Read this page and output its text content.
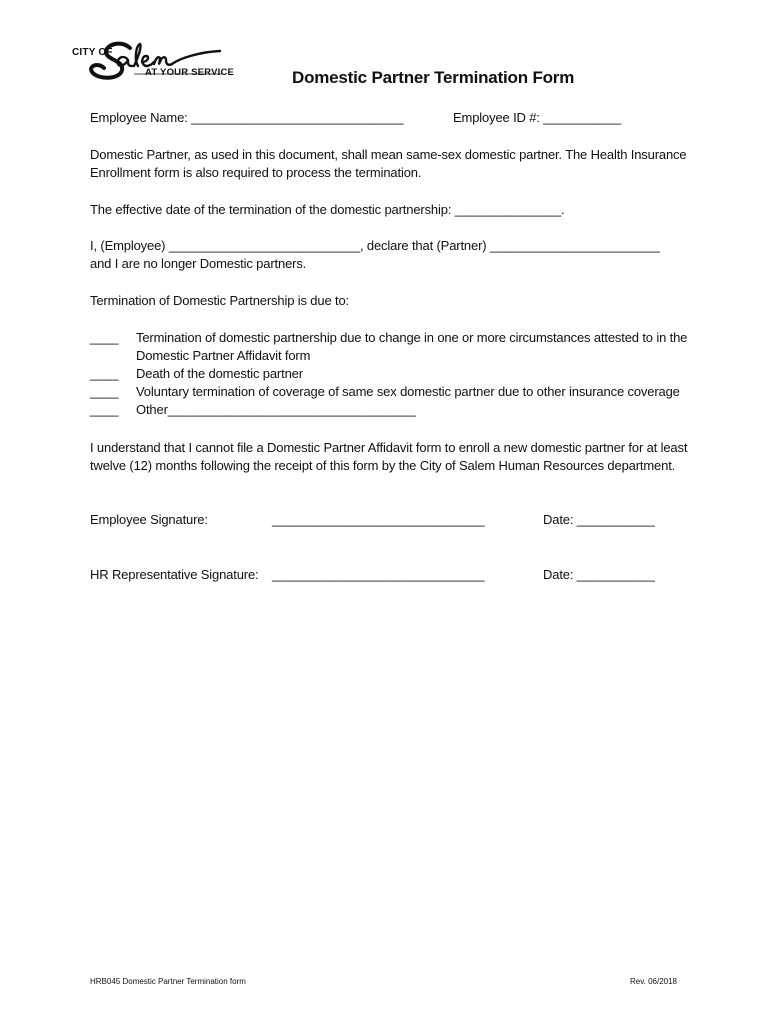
CITY OF
AT YOUR SERVICE	Domestic Partner Termination Form
Employee Name: ______________________________	Employee ID #: ___________
Domestic Partner, as used in this document, shall mean same-sex domestic partner. The Health Insurance
Enrollment form is also required to process the termination.
The effective date of the termination of the domestic partnership: _______________.
I, (Employee) ___________________________, declare that (Partner) ________________________
and I are no longer Domestic partners.
Termination of Domestic Partnership is due to:
____ Termination of domestic partnership due to change in one or more circumstances attested to in the
Domestic Partner Affidavit form
____ Death of the domestic partner
____ Voluntary termination of coverage of same sex domestic partner due to other insurance coverage
____ Other___________________________________
I understand that I cannot file a Domestic Partner Affidavit form to enroll a new domestic partner for at least
twelve (12) months following the receipt of this form by the City of Salem Human Resources department.
Employee Signature:	______________________________	Date: ___________
HR Representative Signature: ______________________________	Date: ___________
HRB045 Domestic Partner Termination form	Rev. 06/2018
